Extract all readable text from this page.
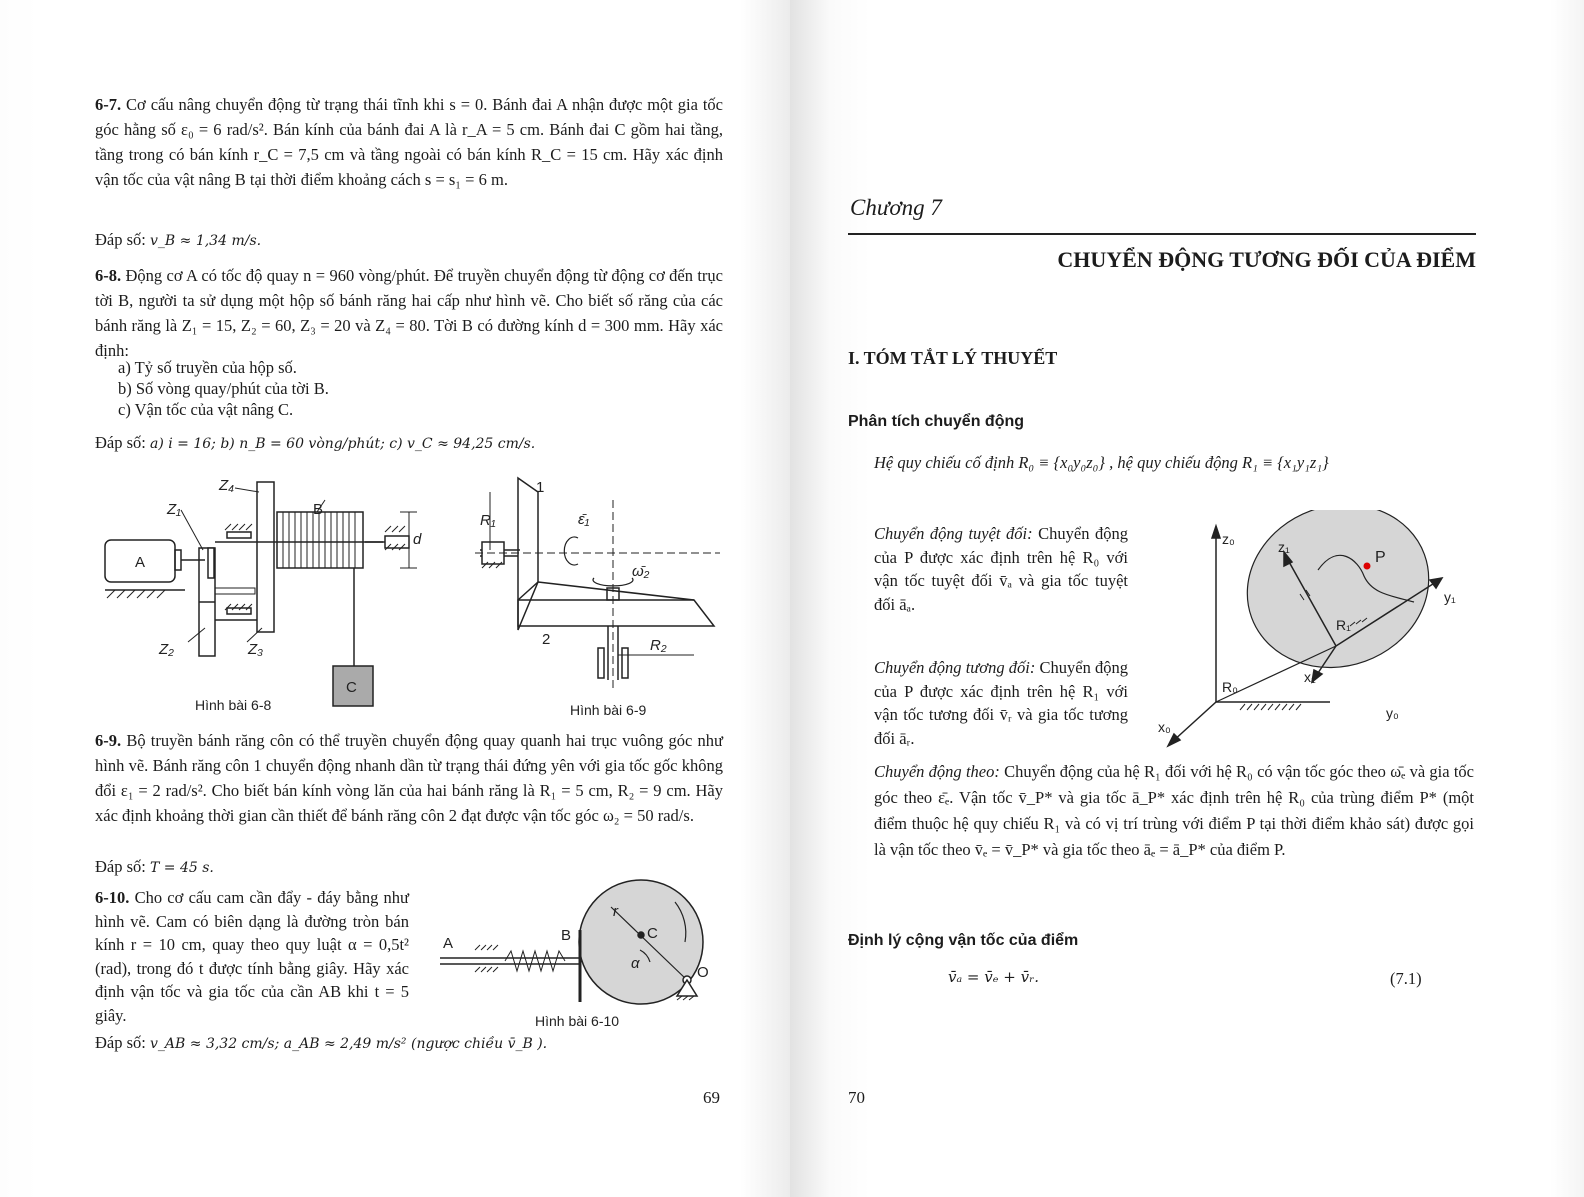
6-7. Cơ cấu nâng chuyển động từ trạng thái tĩnh khi s = 0. Bánh đai A nhận được một gia tốc góc hằng số ε₀ = 6 rad/s². Bán kính của bánh đai A là r_A = 5 cm. Bánh đai C gồm hai tầng, tầng trong có bán kính r_C = 7,5 cm và tầng ngoài có bán kính R_C = 15 cm. Hãy xác định vận tốc của vật nâng B tại thời điểm khoảng cách s = s₁ = 6 m.
Đáp số: v_B ≈ 1,34 m/s.
6-8. Động cơ A có tốc độ quay n = 960 vòng/phút. Để truyền chuyển động từ động cơ đến trục tời B, người ta sử dụng một hộp số bánh răng hai cấp như hình vẽ. Cho biết số răng của các bánh răng là Z₁ = 15, Z₂ = 60, Z₃ = 20 và Z₄ = 80. Tời B có đường kính d = 300 mm. Hãy xác định:
a) Tỷ số truyền của hộp số.
b) Số vòng quay/phút của tời B.
c) Vận tốc của vật nâng C.
Đáp số: a) i = 16; b) n_B = 60 vòng/phút; c) v_C ≈ 94,25 cm/s.
A
B
C
Z₁
Z₂	Z₃
Z₄
d
Hình bài 6-8
1
2
R₁
R₂
ε̄₁
ω̄₂
Hình bài 6-9
6-9. Bộ truyền bánh răng côn có thể truyền chuyển động quay quanh hai trục vuông góc như hình vẽ. Bánh răng côn 1 chuyển động nhanh dần từ trạng thái đứng yên với gia tốc gốc không đổi ε₁ = 2 rad/s². Cho biết bán kính vòng lăn của hai bánh răng là R₁ = 5 cm, R₂ = 9 cm. Hãy xác định khoảng thời gian cần thiết để bánh răng côn 2 đạt được vận tốc góc ω₂ = 50 rad/s.
Đáp số: T = 45 s.
6-10. Cho cơ cấu cam cần đẩy - đáy bằng như hình vẽ. Cam có biên dạng là đường tròn bán kính r = 10 cm, quay theo quy luật α = 0,5t² (rad), trong đó t được tính bằng giây. Hãy xác định vận tốc và gia tốc của cần AB khi t = 5 giây.
A	B	C
O
r
α
Hình bài 6-10
Đáp số: v_AB ≈ 3,32 cm/s; a_AB ≈ 2,49 m/s² (ngược chiều v̄_B ).
69
Chương 7
CHUYỂN ĐỘNG TƯƠNG ĐỐI CỦA ĐIỂM
I. TÓM TẮT LÝ THUYẾT
Phân tích chuyển động
Hệ quy chiếu cố định R₀ ≡ {x₀y₀z₀} , hệ quy chiếu động R₁ ≡ {x₁y₁z₁}
Chuyển động tuyệt đối: Chuyển động của P được xác định trên hệ R₀ với vận tốc tuyệt đối v̄ₐ và gia tốc tuyệt đối āₐ.
Chuyển động tương đối: Chuyển động của P được xác định trên hệ R₁ với vận tốc tương đối v̄ᵣ và gia tốc tương đối āᵣ.
z₀
x₀
y₀
R₀
z₁
x₁
y₁
R₁
P
Chuyển động theo: Chuyển động của hệ R₁ đối với hệ R₀ có vận tốc góc theo ω̄ₑ và gia tốc góc theo ε̄ₑ. Vận tốc v̄_P* và gia tốc ā_P* xác định trên hệ R₀ của trùng điểm P* (một điểm thuộc hệ quy chiếu R₁ và có vị trí trùng với điểm P tại thời điểm khảo sát) được gọi là vận tốc theo v̄ₑ = v̄_P* và gia tốc theo āₑ = ā_P* của điểm P.
Định lý cộng vận tốc của điểm
v̄ₐ = v̄ₑ + v̄ᵣ.	(7.1)
70
